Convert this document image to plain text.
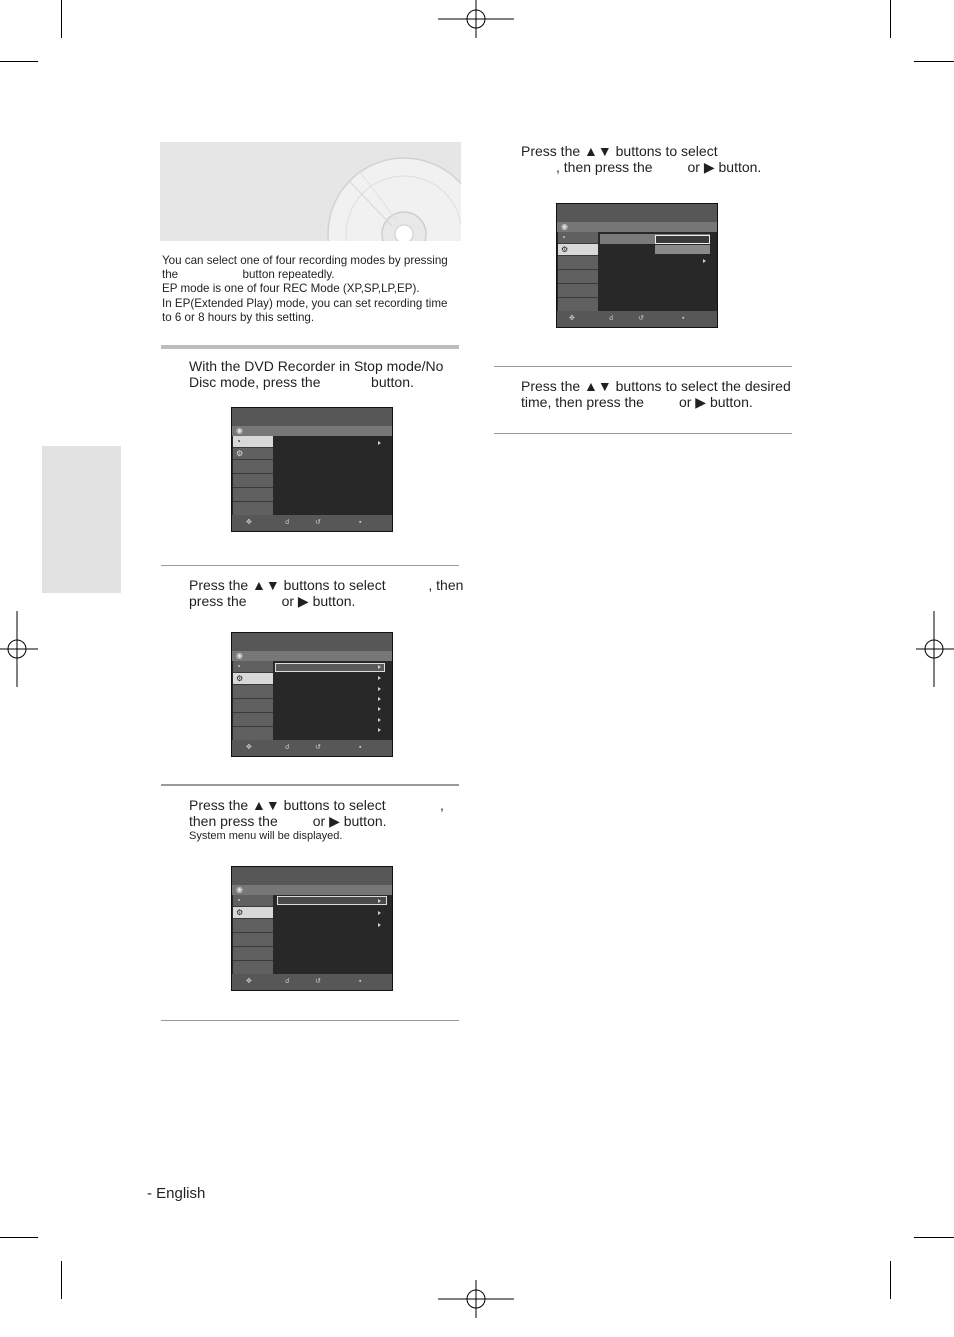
You can select one of four recording modes by pressing

the                    button repeatedly.

EP mode is one of four REC Mode (XP,SP,LP,EP).

In EP(Extended Play) mode, you can set recording time

to 6 or 8 hours by this setting.

With the DVD Recorder in Stop mode/No
Disc mode, press the             button.
◉
◔
⚙
✥	☌	↺	▪
Press the ▲▼ buttons to select           , then
press the         or ▶ button.
◉
◔
⚙
✥	☌	↺	▪
Press the ▲▼ buttons to select              ,
then press the         or ▶ button.
System menu will be displayed.
◉
◔
⚙
✥	☌	↺	▪
Press the ▲▼ buttons to select
, then press the         or ▶ button.
◉
◔
⚙
✥	☌	↺	▪
Press the ▲▼ buttons to select the desired
time, then press the         or ▶ button.
- English
